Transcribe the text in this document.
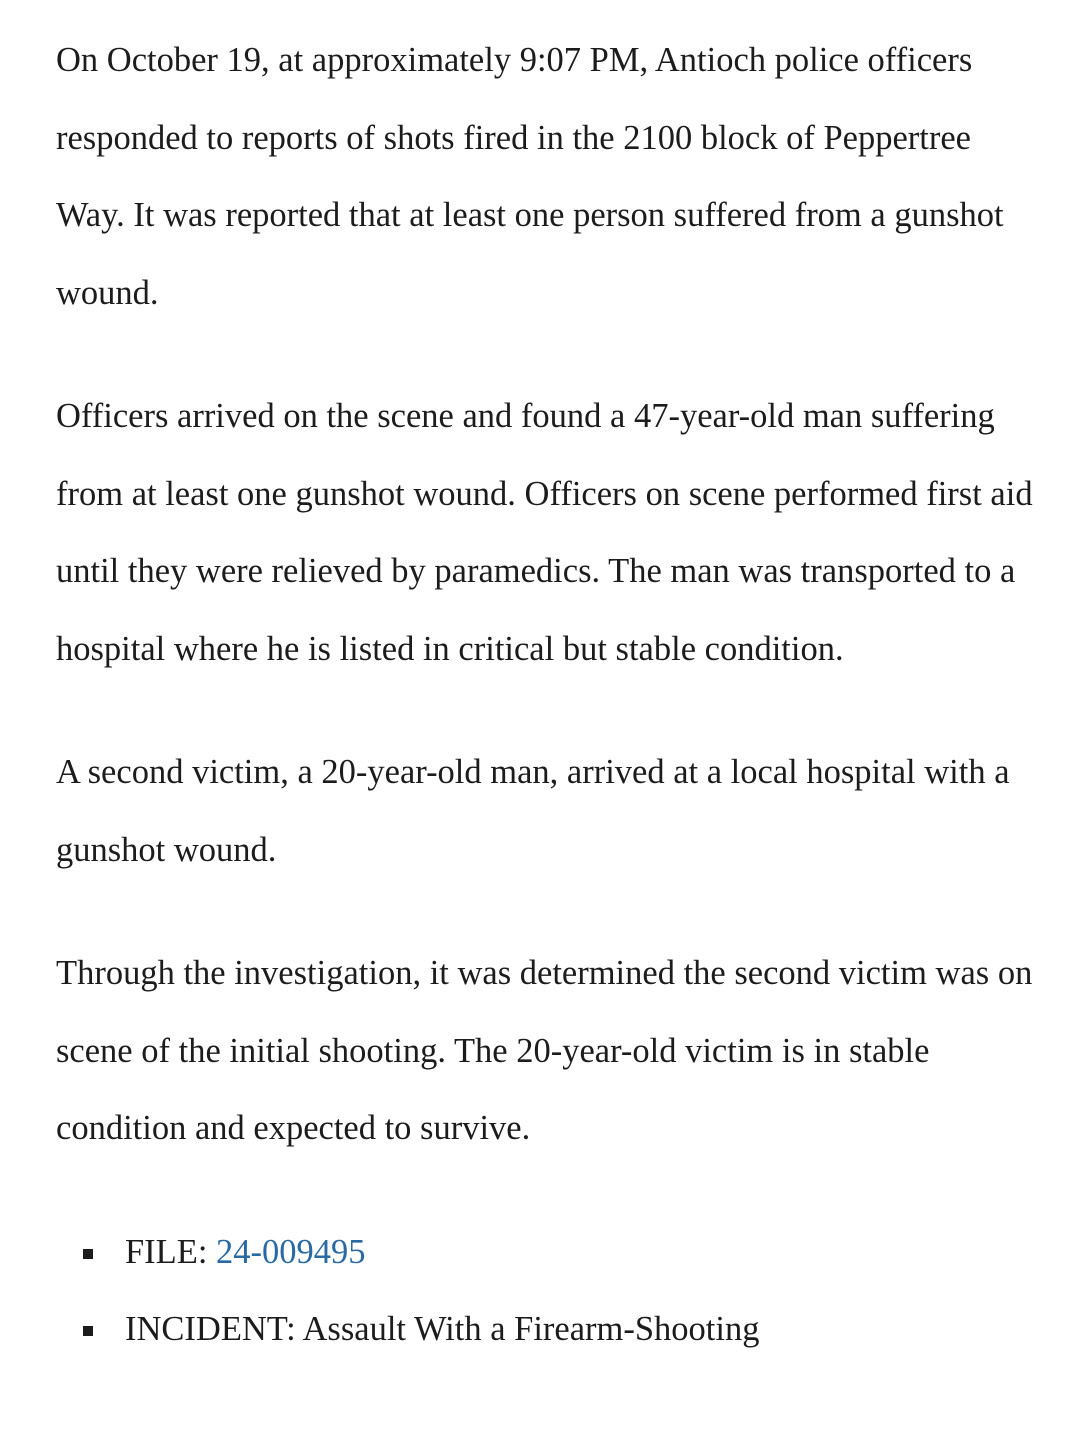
On October 19, at approximately 9:07 PM, Antioch police officers responded to reports of shots fired in the 2100 block of Peppertree Way. It was reported that at least one person suffered from a gunshot wound.

Officers arrived on the scene and found a 47-year-old man suffering from at least one gunshot wound. Officers on scene performed first aid until they were relieved by paramedics. The man was transported to a hospital where he is listed in critical but stable condition.

A second victim, a 20-year-old man, arrived at a local hospital with a gunshot wound.

Through the investigation, it was determined the second victim was on scene of the initial shooting. The 20-year-old victim is in stable condition and expected to survive.

FILE: 24-009495
INCIDENT: Assault With a Firearm-Shooting
